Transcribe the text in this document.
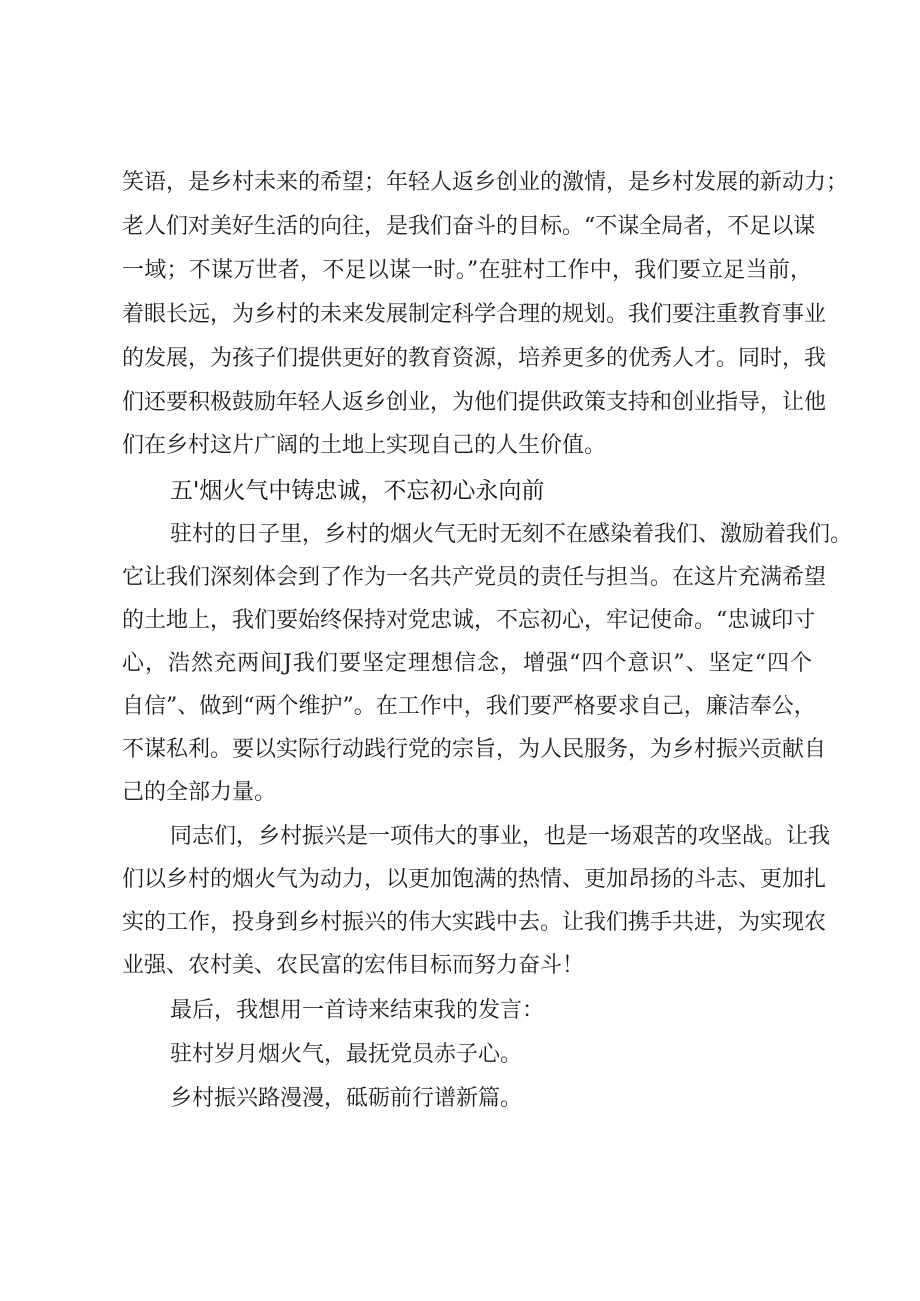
笑语，是乡村未来的希望；年轻人返乡创业的激情，是乡村发展的新动力；
老人们对美好生活的向往，是我们奋斗的目标。“不谋全局者，不足以谋
一域；不谋万世者，不足以谋一时。”在驻村工作中，我们要立足当前，
着眼长远，为乡村的未来发展制定科学合理的规划。我们要注重教育事业
的发展，为孩子们提供更好的教育资源，培养更多的优秀人才。同时，我
们还要积极鼓励年轻人返乡创业，为他们提供政策支持和创业指导，让他
们在乡村这片广阔的土地上实现自己的人生价值。
五'烟火气中铸忠诚，不忘初心永向前
驻村的日子里，乡村的烟火气无时无刻不在感染着我们、激励着我们。
它让我们深刻体会到了作为一名共产党员的责任与担当。在这片充满希望
的土地上，我们要始终保持对党忠诚，不忘初心，牢记使命。“忠诚印寸
心，浩然充两间J我们要坚定理想信念，增强“四个意识”、坚定“四个
自信”、做到“两个维护”。在工作中，我们要严格要求自己，廉洁奉公，
不谋私利。要以实际行动践行党的宗旨，为人民服务，为乡村振兴贡献自
己的全部力量。
同志们，乡村振兴是一项伟大的事业，也是一场艰苦的攻坚战。让我
们以乡村的烟火气为动力，以更加饱满的热情、更加昂扬的斗志、更加扎
实的工作，投身到乡村振兴的伟大实践中去。让我们携手共进，为实现农
业强、农村美、农民富的宏伟目标而努力奋斗！
最后，我想用一首诗来结束我的发言：
驻村岁月烟火气，最抚党员赤子心。
乡村振兴路漫漫，砥砺前行谱新篇。
